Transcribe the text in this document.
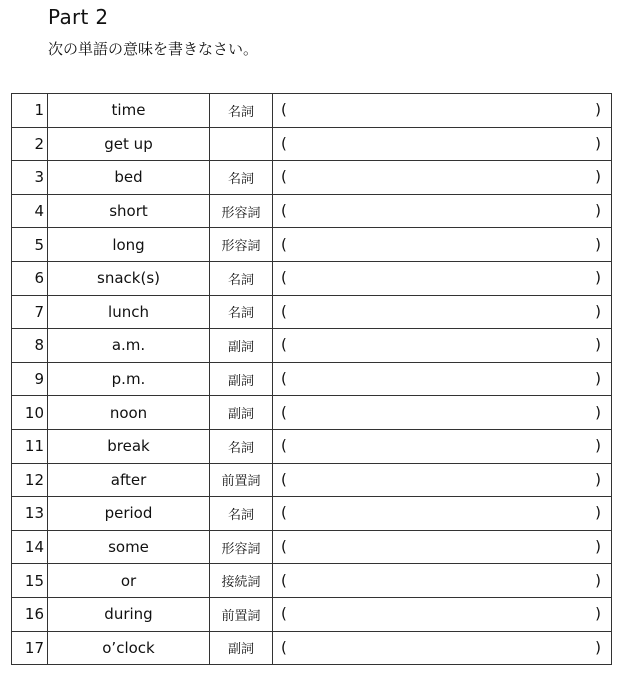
Part 2
次の単語の意味を書きなさい。
1	time	名詞	( )

2	get up		( )

3	bed	名詞	( )

4	short	形容詞	( )

5	long	形容詞	( )

6	snack(s)	名詞	( )

7	lunch	名詞	( )

8	a.m.	副詞	( )

9	p.m.	副詞	( )

10	noon	副詞	( )

11	break	名詞	( )

12	after	前置詞	( )

13	period	名詞	( )

14	some	形容詞	( )

15	or	接続詞	( )

16	during	前置詞	( )

17	o’clock	副詞	( )
